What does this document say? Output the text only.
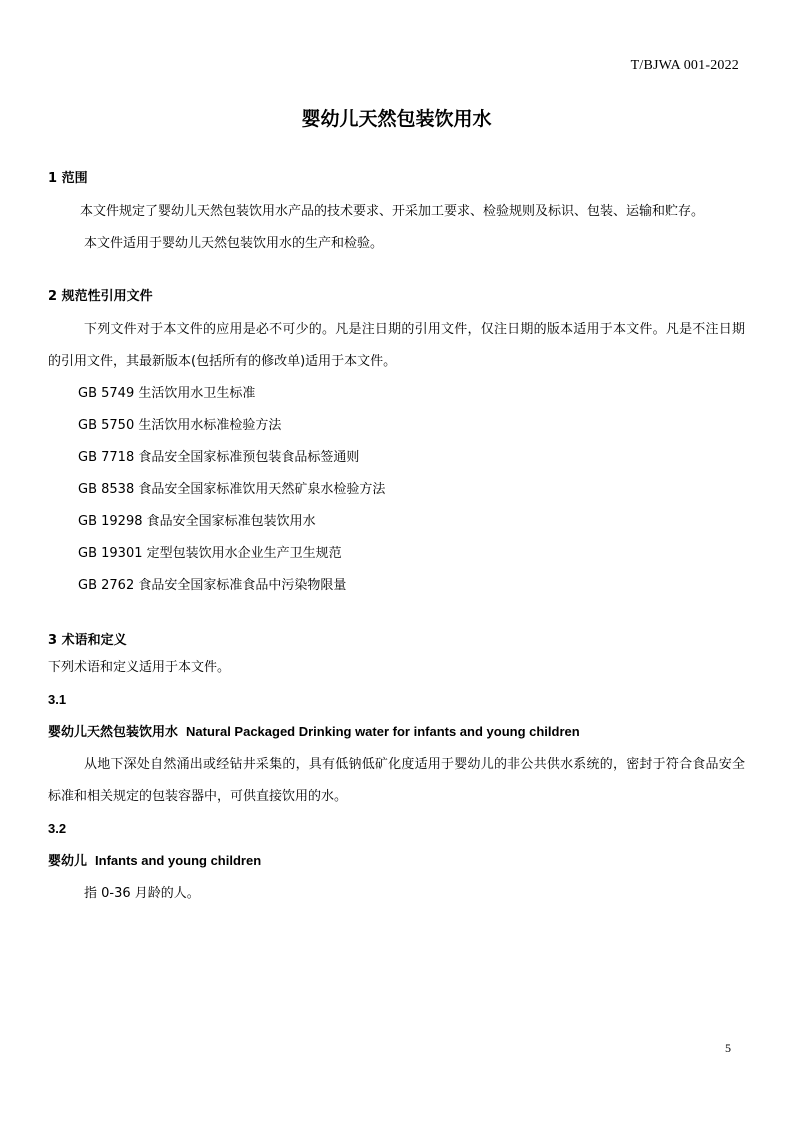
T/BJWA 001-2022
婴幼儿天然包装饮用水

1 范围

本文件规定了婴幼儿天然包装饮用水产品的技术要求、开采加工要求、检验规则及标识、包装、运输和贮存。

本文件适用于婴幼儿天然包装饮用水的生产和检验。

2 规范性引用文件

下列文件对于本文件的应用是必不可少的。凡是注日期的引用文件，仅注日期的版本适用于本文件。凡是不注日期的引用文件，其最新版本(包括所有的修改单)适用于本文件。

GB 5749 生活饮用水卫生标准

GB 5750 生活饮用水标准检验方法

GB 7718 食品安全国家标准预包装食品标签通则

GB 8538 食品安全国家标准饮用天然矿泉水检验方法

GB 19298 食品安全国家标准包装饮用水

GB 19301 定型包装饮用水企业生产卫生规范

GB 2762 食品安全国家标准食品中污染物限量

3 术语和定义

下列术语和定义适用于本文件。

3.1

婴幼儿天然包装饮用水 Natural Packaged Drinking water for infants and young children

从地下深处自然涌出或经钻井采集的，具有低钠低矿化度适用于婴幼儿的非公共供水系统的，密封于符合食品安全标准和相关规定的包装容器中，可供直接饮用的水。

3.2

婴幼儿 Infants and young children

指 0-36 月龄的人。

5
